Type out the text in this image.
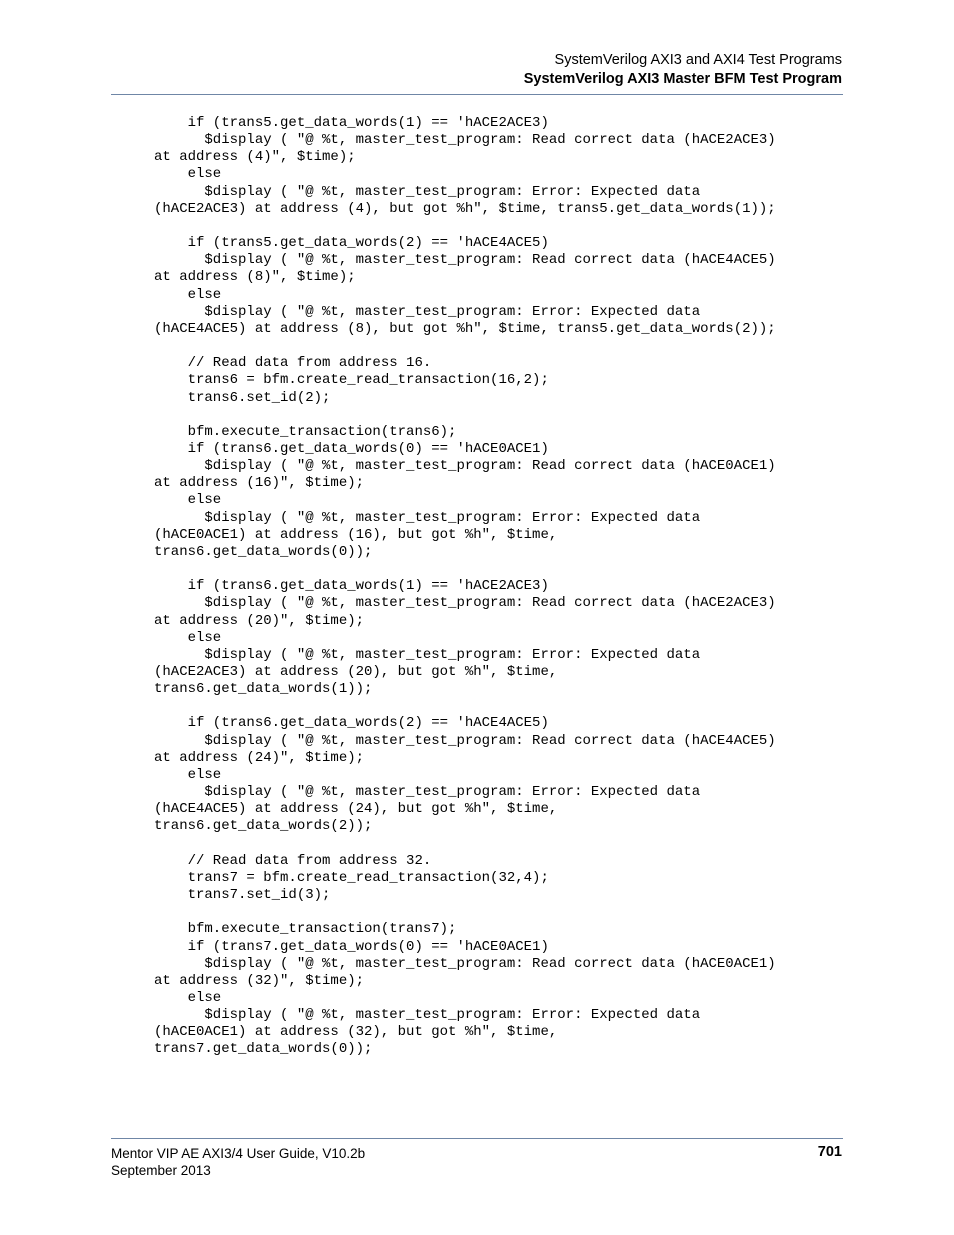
SystemVerilog AXI3 and AXI4 Test Programs
SystemVerilog AXI3 Master BFM Test Program
if (trans5.get_data_words(1) == 'hACE2ACE3)
$display ( "@ %t, master_test_program: Read correct data (hACE2ACE3)
at address (4)", $time);
else
$display ( "@ %t, master_test_program: Error: Expected data
(hACE2ACE3) at address (4), but got %h", $time, trans5.get_data_words(1));

if (trans5.get_data_words(2) == 'hACE4ACE5)
$display ( "@ %t, master_test_program: Read correct data (hACE4ACE5)
at address (8)", $time);
else
$display ( "@ %t, master_test_program: Error: Expected data
(hACE4ACE5) at address (8), but got %h", $time, trans5.get_data_words(2));

// Read data from address 16.
trans6 = bfm.create_read_transaction(16,2);
trans6.set_id(2);

bfm.execute_transaction(trans6);
if (trans6.get_data_words(0) == 'hACE0ACE1)
$display ( "@ %t, master_test_program: Read correct data (hACE0ACE1)
at address (16)", $time);
else
$display ( "@ %t, master_test_program: Error: Expected data
(hACE0ACE1) at address (16), but got %h", $time,
trans6.get_data_words(0));

if (trans6.get_data_words(1) == 'hACE2ACE3)
$display ( "@ %t, master_test_program: Read correct data (hACE2ACE3)
at address (20)", $time);
else
$display ( "@ %t, master_test_program: Error: Expected data
(hACE2ACE3) at address (20), but got %h", $time,
trans6.get_data_words(1));

if (trans6.get_data_words(2) == 'hACE4ACE5)
$display ( "@ %t, master_test_program: Read correct data (hACE4ACE5)
at address (24)", $time);
else
$display ( "@ %t, master_test_program: Error: Expected data
(hACE4ACE5) at address (24), but got %h", $time,
trans6.get_data_words(2));

// Read data from address 32.
trans7 = bfm.create_read_transaction(32,4);
trans7.set_id(3);

bfm.execute_transaction(trans7);
if (trans7.get_data_words(0) == 'hACE0ACE1)
$display ( "@ %t, master_test_program: Read correct data (hACE0ACE1)
at address (32)", $time);
else
$display ( "@ %t, master_test_program: Error: Expected data
(hACE0ACE1) at address (32), but got %h", $time,
trans7.get_data_words(0));
Mentor VIP AE AXI3/4 User Guide, V10.2b
September 2013
701
